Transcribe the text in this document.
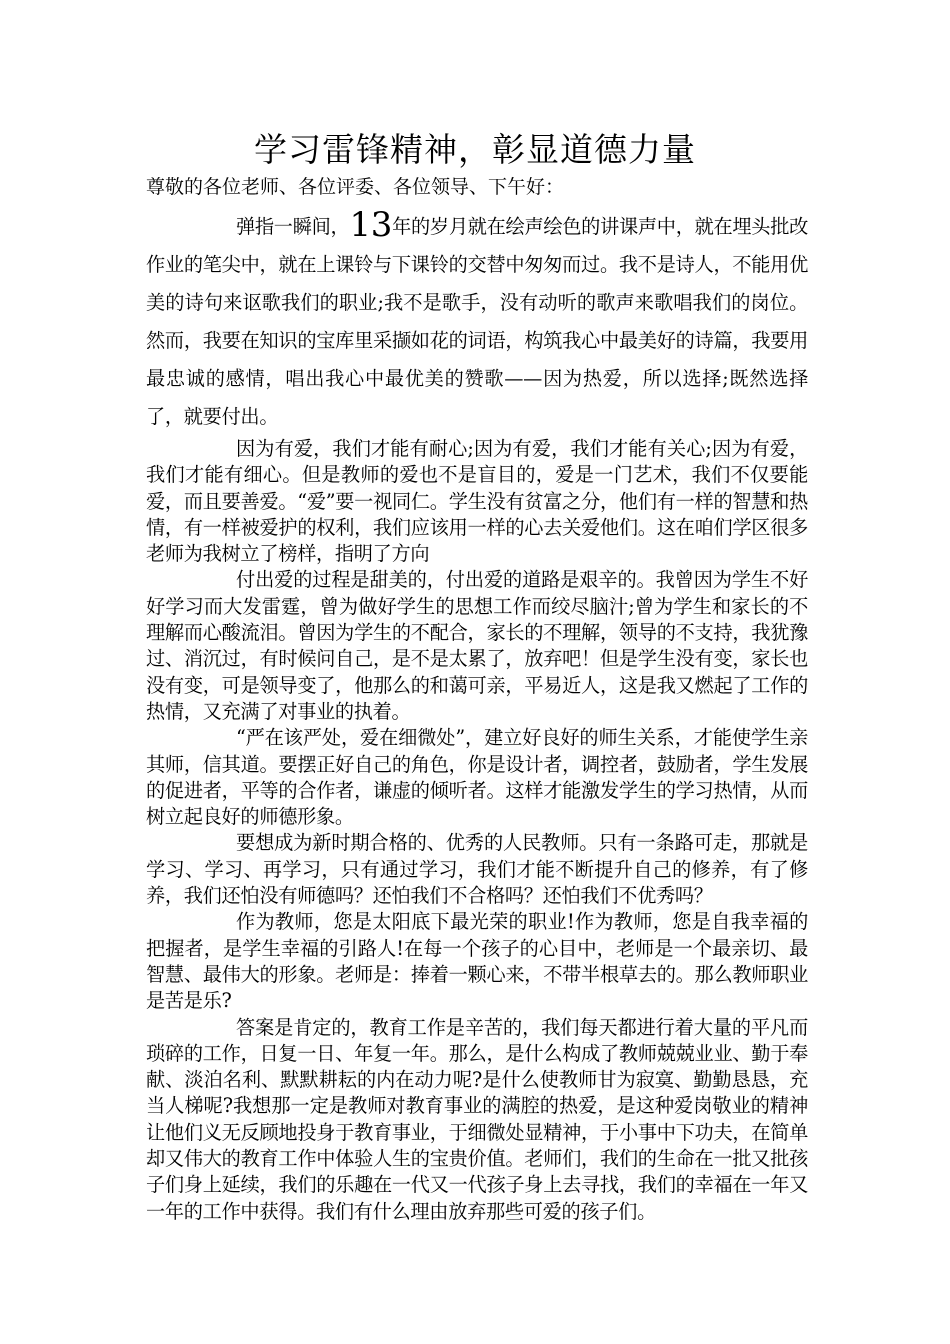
学习雷锋精神，彰显道德力量

尊敬的各位老师、各位评委、各位领导、下午好：

弹指一瞬间，13年的岁月就在绘声绘色的讲课声中，就在埋头批改作业的笔尖中，就在上课铃与下课铃的交替中匆匆而过。我不是诗人，不能用优美的诗句来讴歌我们的职业;我不是歌手，没有动听的歌声来歌唱我们的岗位。然而，我要在知识的宝库里采撷如花的词语，构筑我心中最美好的诗篇，我要用最忠诚的感情，唱出我心中最优美的赞歌——因为热爱，所以选择;既然选择了，就要付出。

因为有爱，我们才能有耐心;因为有爱，我们才能有关心;因为有爱，我们才能有细心。但是教师的爱也不是盲目的，爱是一门艺术，我们不仅要能爱，而且要善爱。“爱”要一视同仁。学生没有贫富之分，他们有一样的智慧和热情，有一样被爱护的权利，我们应该用一样的心去关爱他们。这在咱们学区很多老师为我树立了榜样，指明了方向

付出爱的过程是甜美的，付出爱的道路是艰辛的。我曾因为学生不好好学习而大发雷霆，曾为做好学生的思想工作而绞尽脑汁;曾为学生和家长的不理解而心酸流泪。曾因为学生的不配合，家长的不理解，领导的不支持，我犹豫过、消沉过，有时候问自己，是不是太累了，放弃吧！但是学生没有变，家长也没有变，可是领导变了，他那么的和蔼可亲，平易近人，这是我又燃起了工作的热情，又充满了对事业的执着。

“严在该严处，爱在细微处”，建立好良好的师生关系，才能使学生亲其师，信其道。要摆正好自己的角色，你是设计者，调控者，鼓励者，学生发展的促进者，平等的合作者，谦虚的倾听者。这样才能激发学生的学习热情，从而树立起良好的师德形象。

要想成为新时期合格的、优秀的人民教师。只有一条路可走，那就是学习、学习、再学习，只有通过学习，我们才能不断提升自己的修养，有了修养，我们还怕没有师德吗？还怕我们不合格吗？还怕我们不优秀吗？

作为教师，您是太阳底下最光荣的职业!作为教师，您是自我幸福的把握者，是学生幸福的引路人!在每一个孩子的心目中，老师是一个最亲切、最智慧、最伟大的形象。老师是：捧着一颗心来，不带半根草去的。那么教师职业是苦是乐?

答案是肯定的，教育工作是辛苦的，我们每天都进行着大量的平凡而琐碎的工作，日复一日、年复一年。那么，是什么构成了教师兢兢业业、勤于奉献、淡泊名利、默默耕耘的内在动力呢?是什么使教师甘为寂寞、勤勤恳恳，充当人梯呢?我想那一定是教师对教育事业的满腔的热爱，是这种爱岗敬业的精神让他们义无反顾地投身于教育事业，于细微处显精神，于小事中下功夫，在简单却又伟大的教育工作中体验人生的宝贵价值。老师们，我们的生命在一批又批孩子们身上延续，我们的乐趣在一代又一代孩子身上去寻找，我们的幸福在一年又一年的工作中获得。我们有什么理由放弃那些可爱的孩子们。
